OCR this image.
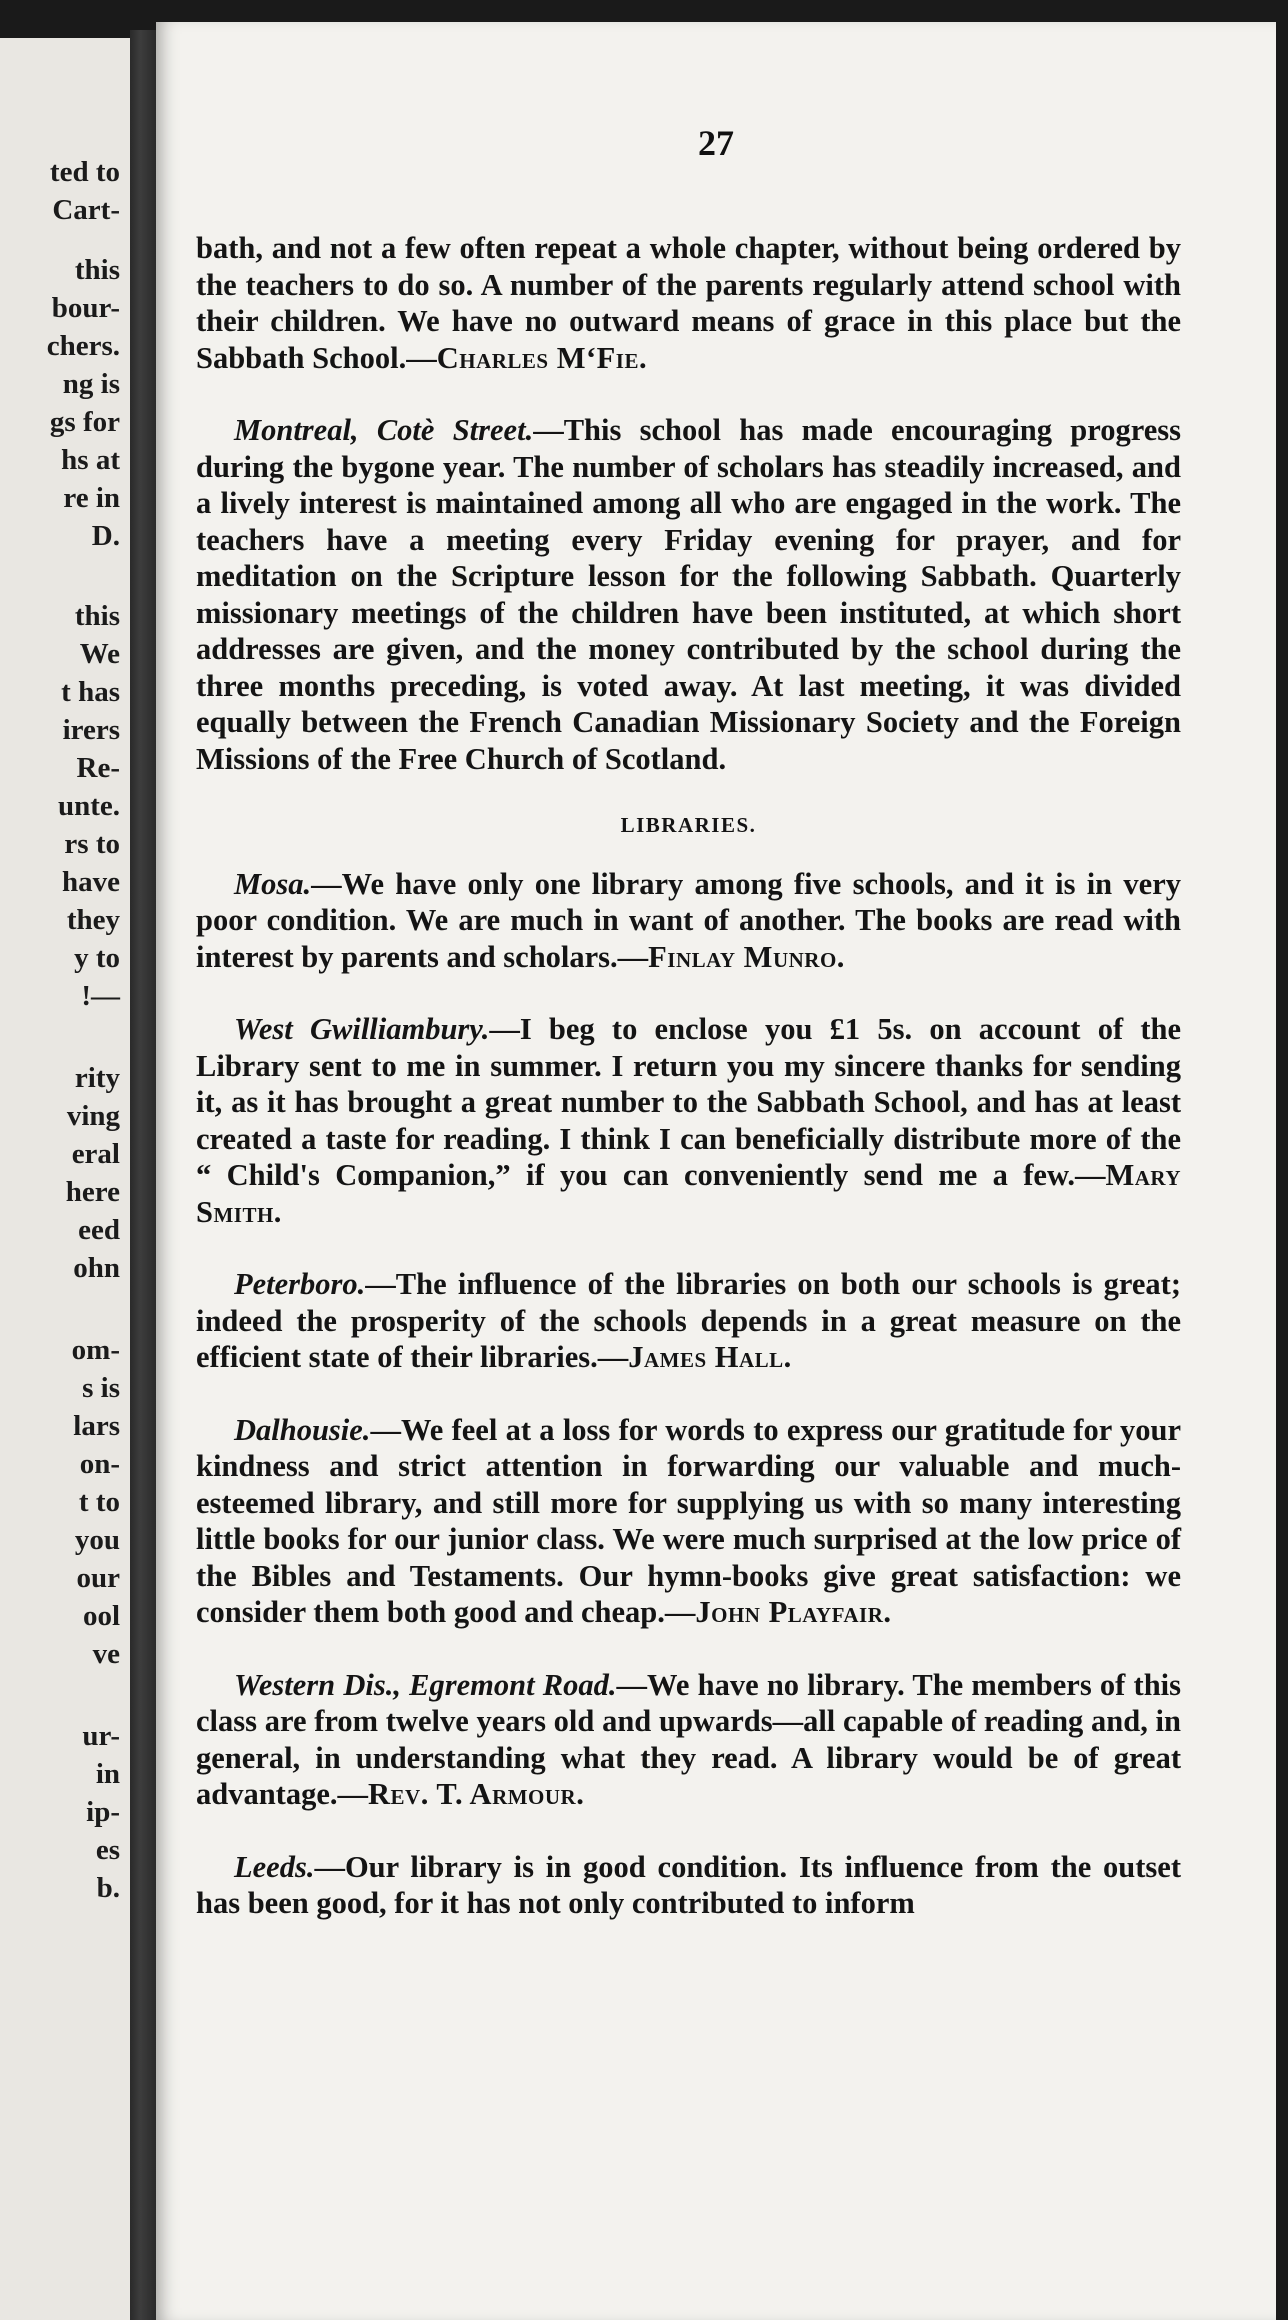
ted to
Cart-
this
bour-
chers.
ng is
gs for
hs at
re in
D.
this
We
t has
irers
Re-
unte.
rs to
have
they
y to
!—
rity
ving
eral
here
eed
ohn
om-
s is
lars
on-
t to
you
our
ool
ve
ur-
in
ip-
es
b.
27

bath, and not a few often repeat a whole chapter, without being ordered by the teachers to do so. A number of the parents regularly attend school with their children. We have no outward means of grace in this place but the Sabbath School.—Charles M‘Fie.

Montreal, Cotè Street.—This school has made encouraging progress during the bygone year. The number of scholars has steadily increased, and a lively interest is maintained among all who are engaged in the work. The teachers have a meeting every Friday evening for prayer, and for meditation on the Scripture lesson for the following Sabbath. Quarterly missionary meetings of the children have been instituted, at which short addresses are given, and the money contributed by the school during the three months preceding, is voted away. At last meeting, it was divided equally between the French Canadian Missionary Society and the Foreign Missions of the Free Church of Scotland.

LIBRARIES.

Mosa.—We have only one library among five schools, and it is in very poor condition. We are much in want of another. The books are read with interest by parents and scholars.—Finlay Munro.

West Gwilliambury.—I beg to enclose you £1 5s. on account of the Library sent to me in summer. I return you my sincere thanks for sending it, as it has brought a great number to the Sabbath School, and has at least created a taste for reading. I think I can beneficially distribute more of the “ Child's Companion,” if you can conveniently send me a few.—Mary Smith.

Peterboro.—The influence of the libraries on both our schools is great; indeed the prosperity of the schools depends in a great measure on the efficient state of their libraries.—James Hall.

Dalhousie.—We feel at a loss for words to express our gratitude for your kindness and strict attention in forwarding our valuable and much-esteemed library, and still more for supplying us with so many interesting little books for our junior class. We were much surprised at the low price of the Bibles and Testaments. Our hymn-books give great satisfaction: we consider them both good and cheap.—John Playfair.

Western Dis., Egremont Road.—We have no library. The members of this class are from twelve years old and upwards—all capable of reading and, in general, in understanding what they read. A library would be of great advantage.—Rev. T. Armour.

Leeds.—Our library is in good condition. Its influence from the outset has been good, for it has not only contributed to inform
